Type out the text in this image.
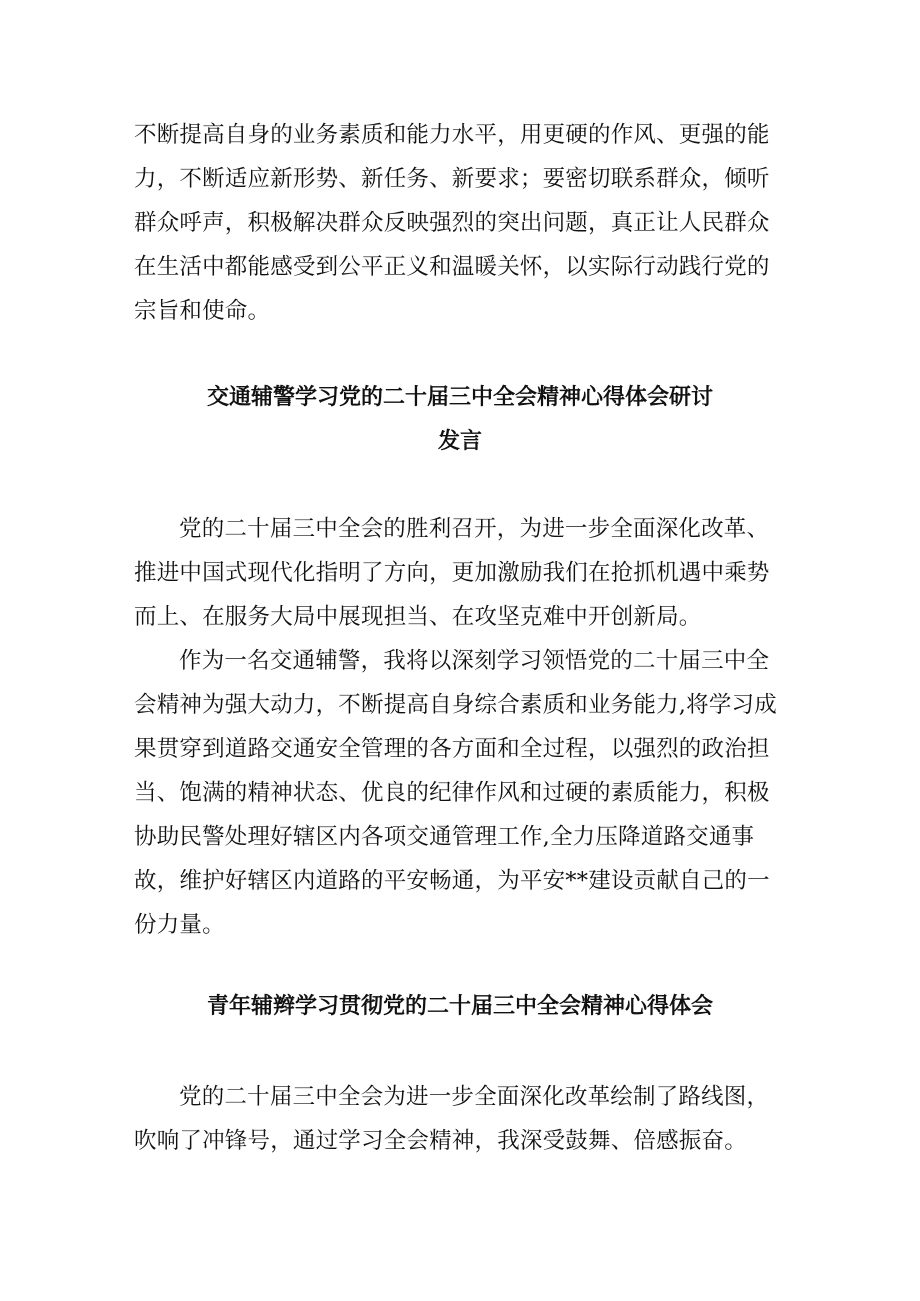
不断提高自身的业务素质和能力水平，用更硬的作风、更强的能
力，不断适应新形势、新任务、新要求；要密切联系群众，倾听
群众呼声，积极解决群众反映强烈的突出问题，真正让人民群众
在生活中都能感受到公平正义和温暖关怀，以实际行动践行党的
宗旨和使命。
交通辅警学习党的二十届三中全会精神心得体会研讨
发言
党的二十届三中全会的胜利召开，为进一步全面深化改革、
推进中国式现代化指明了方向，更加激励我们在抢抓机遇中乘势
而上、在服务大局中展现担当、在攻坚克难中开创新局。
作为一名交通辅警，我将以深刻学习领悟党的二十届三中全
会精神为强大动力，不断提高自身综合素质和业务能力,将学习成
果贯穿到道路交通安全管理的各方面和全过程，以强烈的政治担
当、饱满的精神状态、优良的纪律作风和过硬的素质能力，积极
协助民警处理好辖区内各项交通管理工作,全力压降道路交通事
故，维护好辖区内道路的平安畅通，为平安**建设贡献自己的一
份力量。
青年辅辫学习贯彻党的二十届三中全会精神心得体会
党的二十届三中全会为进一步全面深化改革绘制了路线图，
吹响了冲锋号，通过学习全会精神，我深受鼓舞、倍感振奋。
